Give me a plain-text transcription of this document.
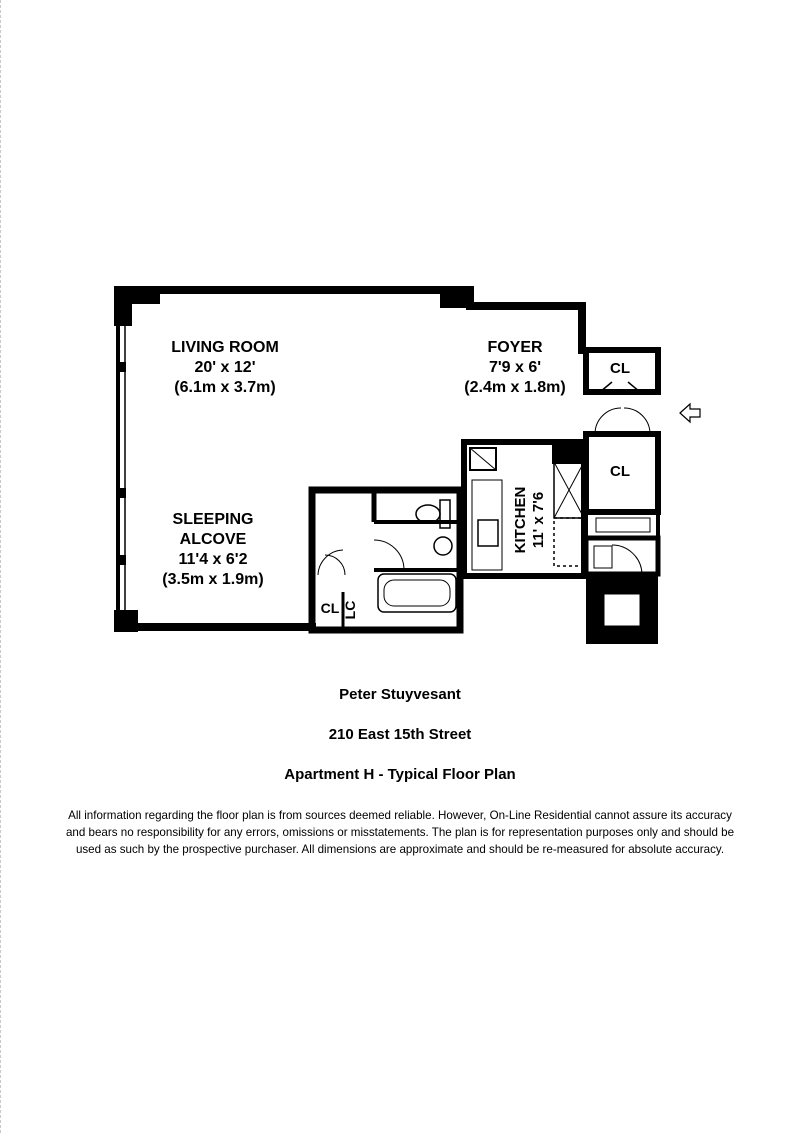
LIVING ROOM
20' x 12'
(6.1m x 3.7m)
FOYER
7'9 x 6'
(2.4m x 1.8m)
SLEEPING
ALCOVE
11'4 x 6'2
(3.5m x 1.9m)
KITCHEN 11' x 7'6
CL
CL
CL LC
Peter Stuyvesant
210 East 15th Street
Apartment H - Typical Floor Plan
All information regarding the floor plan is from sources deemed reliable. However, On-Line Residential cannot assure its accuracy
and bears no responsibility for any errors, omissions or misstatements. The plan is for representation purposes only and should be
used as such by the prospective purchaser. All dimensions are approximate and should be re-measured for absolute accuracy.
